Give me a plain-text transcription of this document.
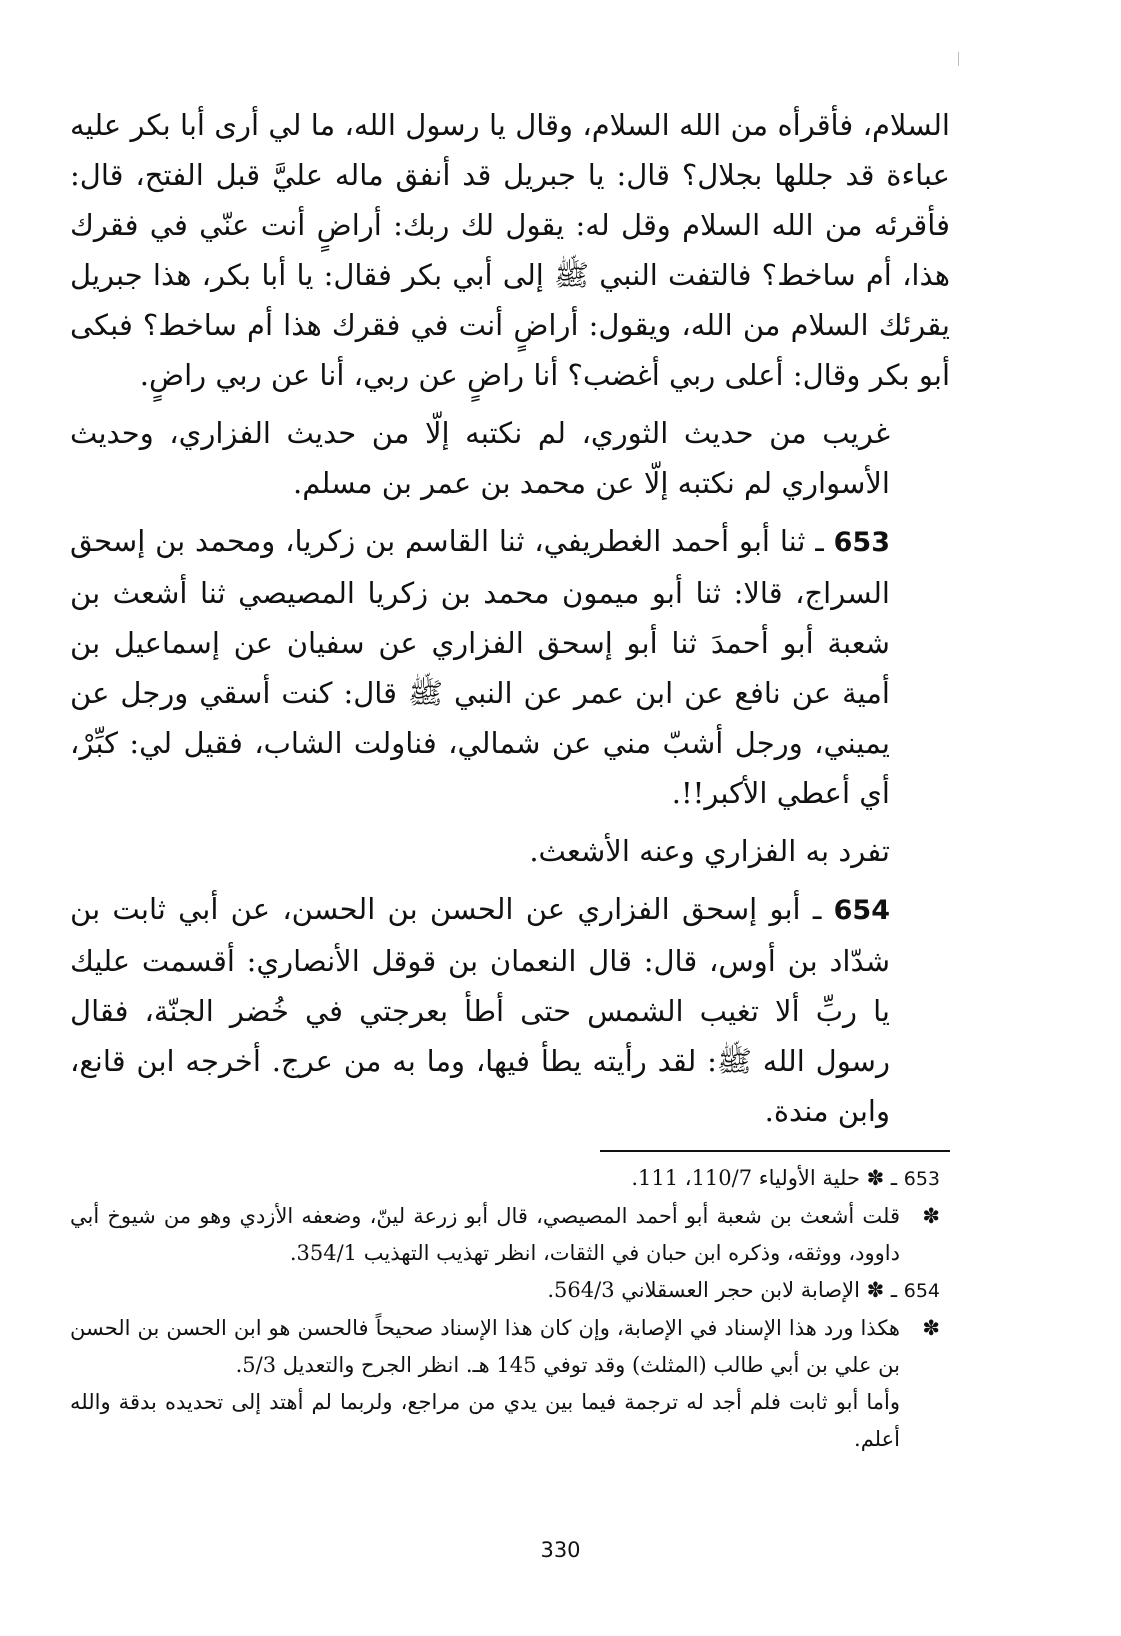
السلام، فأقرأه من الله السلام، وقال يا رسول الله، ما لي أرى أبا بكر عليه عباءة قد جللها بجلال؟ قال: يا جبريل قد أنفق ماله عليَّ قبل الفتح، قال: فأقرئه من الله السلام وقل له: يقول لك ربك: أراضٍ أنت عنّي في فقرك هذا، أم ساخط؟ فالتفت النبي ﷺ إلى أبي بكر فقال: يا أبا بكر، هذا جبريل يقرئك السلام من الله، ويقول: أراضٍ أنت في فقرك هذا أم ساخط؟ فبكى أبو بكر وقال: أعلى ربي أغضب؟ أنا راضٍ عن ربي، أنا عن ربي راضٍ.

غريب من حديث الثوري، لم نكتبه إلّا من حديث الفزاري، وحديث الأسواري لم نكتبه إلّا عن محمد بن عمر بن مسلم.

653 ـ ثنا أبو أحمد الغطريفي، ثنا القاسم بن زكريا، ومحمد بن إسحق السراج، قالا: ثنا أبو ميمون محمد بن زكريا المصيصي ثنا أشعث بن شعبة أبو أحمدَ ثنا أبو إسحق الفزاري عن سفيان عن إسماعيل بن أمية عن نافع عن ابن عمر عن النبي ﷺ قال: كنت أسقي ورجل عن يميني، ورجل أشبّ مني عن شمالي، فناولت الشاب، فقيل لي: كبِّرْ، أي أعطي الأكبر!!.

تفرد به الفزاري وعنه الأشعث.

654 ـ أبو إسحق الفزاري عن الحسن بن الحسن، عن أبي ثابت بن شدّاد بن أوس، قال: قال النعمان بن قوقل الأنصاري: أقسمت عليك يا ربِّ ألا تغيب الشمس حتى أطأ بعرجتي في خُضر الجنّة، فقال رسول الله ﷺ: لقد رأيته يطأ فيها، وما به من عرج. أخرجه ابن قانع، وابن مندة.

653 ـ ✽ حلية الأولياء 110/7، 111.

✽قلت أشعث بن شعبة أبو أحمد المصيصي، قال أبو زرعة لينّ، وضعفه الأزدي وهو من شيوخ أبي داوود، ووثقه، وذكره ابن حبان في الثقات، انظر تهذيب التهذيب 354/1.

654 ـ ✽ الإصابة لابن حجر العسقلاني 564/3.

✽هكذا ورد هذا الإسناد في الإصابة، وإن كان هذا الإسناد صحيحاً فالحسن هو ابن الحسن بن الحسن بن علي بن أبي طالب (المثلث) وقد توفي 145 هـ. انظر الجرح والتعديل 5/3.

وأما أبو ثابت فلم أجد له ترجمة فيما بين يدي من مراجع، ولربما لم أهتد إلى تحديده بدقة والله أعلم.

330
